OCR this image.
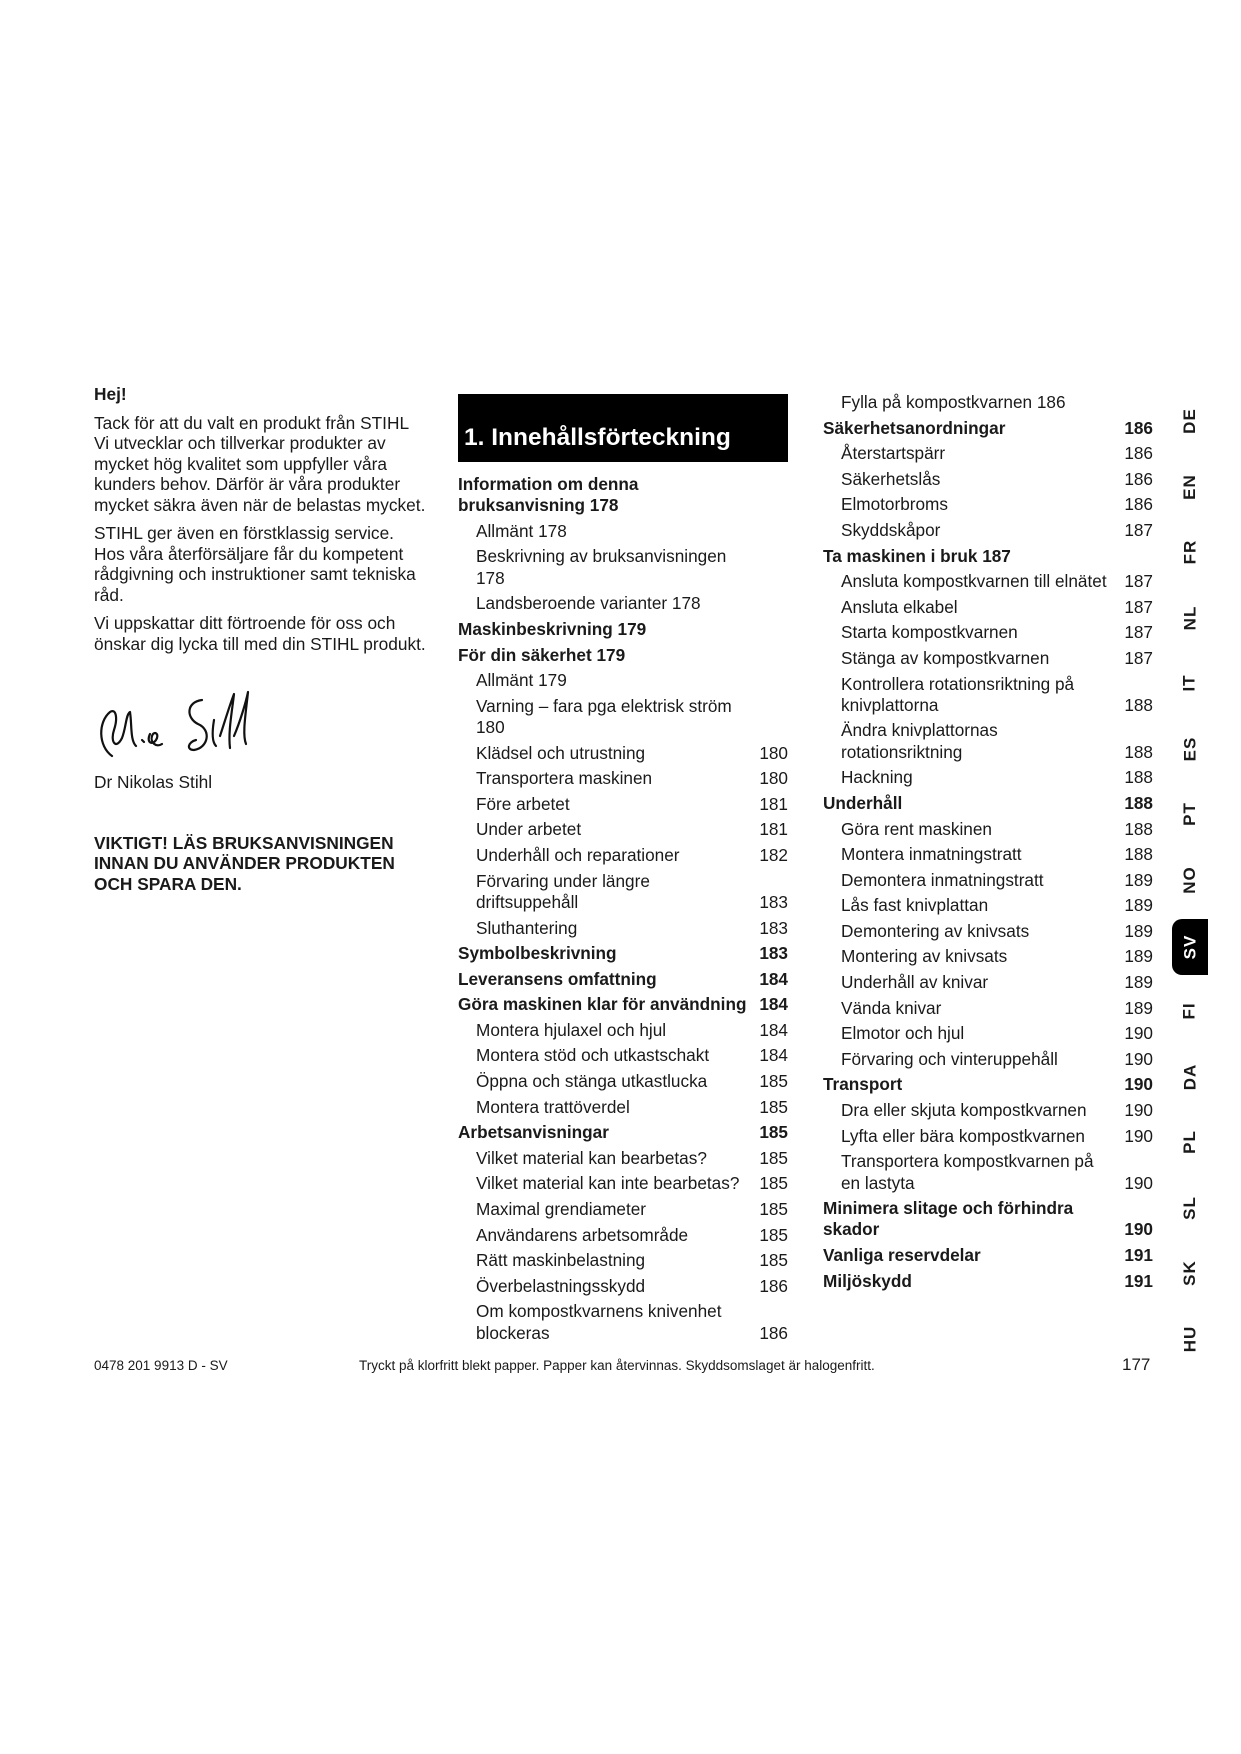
Hej!

Tack för att du valt en produkt från STIHL Vi utvecklar och tillverkar produkter av mycket hög kvalitet som uppfyller våra kunders behov. Därför är våra produkter mycket säkra även när de belastas mycket.

STIHL ger även en förstklassig service. Hos våra återförsäljare får du kompetent rådgivning och instruktioner samt tekniska råd.

Vi uppskattar ditt förtroende för oss och önskar dig lycka till med din STIHL produkt.

Dr Nikolas Stihl

VIKTIGT! LÄS BRUKSANVISNINGEN INNAN DU ANVÄNDER PRODUKTEN OCH SPARA DEN.

1. Innehållsförteckning
Information om denna bruksanvisning 178
Allmänt 178
Beskrivning av bruksanvisningen 178
Landsberoende varianter 178
Maskinbeskrivning 179
För din säkerhet 179
Allmänt 179
Varning – fara pga elektrisk ström 180
Klädsel och utrustning	180
Transportera maskinen	180
Före arbetet	181
Under arbetet	181
Underhåll och reparationer	182
Förvaring under längre driftsuppehåll	183
Sluthantering	183
Symbolbeskrivning	183
Leveransens omfattning	184
Göra maskinen klar för användning 184
Montera hjulaxel och hjul	184
Montera stöd och utkastschakt	184
Öppna och stänga utkastlucka	185
Montera trattöverdel	185
Arbetsanvisningar	185
Vilket material kan bearbetas?	185
Vilket material kan inte bearbetas?	185
Maximal grendiameter	185
Användarens arbetsområde	185
Rätt maskinbelastning	185
Överbelastningsskydd	186
Om kompostkvarnens knivenhet blockeras	186
Fylla på kompostkvarnen 186
Säkerhetsanordningar	186
Återstartspärr	186
Säkerhetslås	186
Elmotorbroms	186
Skyddskåpor	187
Ta maskinen i bruk 187
Ansluta kompostkvarnen till elnätet	187
Ansluta elkabel	187
Starta kompostkvarnen	187
Stänga av kompostkvarnen	187
Kontrollera rotationsriktning på knivplattorna	188
Ändra knivplattornas rotationsriktning	188
Hackning	188
Underhåll	188
Göra rent maskinen	188
Montera inmatningstratt	188
Demontera inmatningstratt	189
Lås fast knivplattan	189
Demontering av knivsats	189
Montering av knivsats	189
Underhåll av knivar	189
Vända knivar	189
Elmotor och hjul	190
Förvaring och vinteruppehåll	190
Transport	190
Dra eller skjuta kompostkvarnen	190
Lyfta eller bära kompostkvarnen	190
Transportera kompostkvarnen på en lastyta	190
Minimera slitage och förhindra skador	190
Vanliga reservdelar	191
Miljöskydd	191
DE
EN
FR
NL
IT
ES
PT
NO
SV
FI
DA
PL
SL
SK
HU
0478 201 9913 D - SV	Tryckt på klorfritt blekt papper. Papper kan återvinnas. Skyddsomslaget är halogenfritt.	177
